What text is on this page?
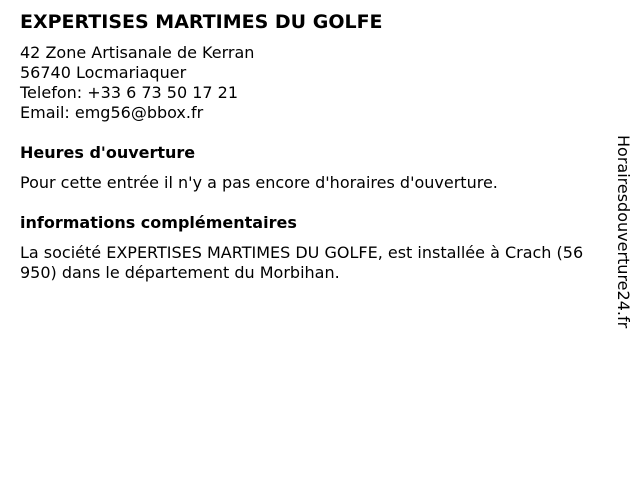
EXPERTISES MARTIMES DU GOLFE
42 Zone Artisanale de Kerran
56740 Locmariaquer
Telefon: +33 6 73 50 17 21
Email: emg56@bbox.fr
Heures d'ouverture
Pour cette entrée il n'y a pas encore d'horaires d'ouverture.
informations complémentaires
La société EXPERTISES MARTIMES DU GOLFE, est installée à Crach (56950) dans le département du Morbihan.	Horairesdouverture24.fr
